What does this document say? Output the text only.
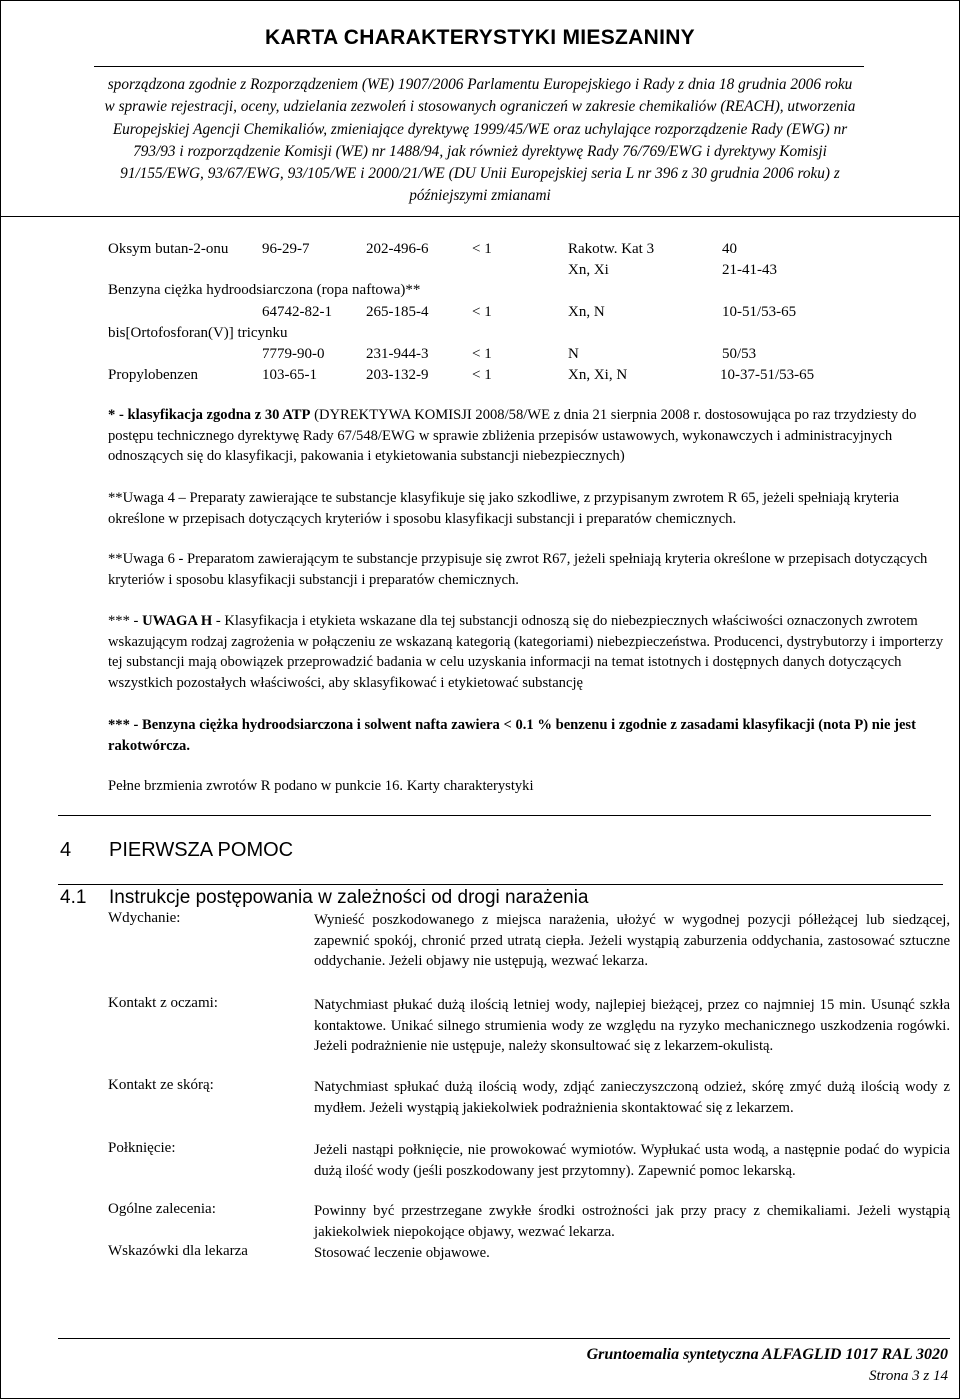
KARTA CHARAKTERYSTYKI MIESZANINY
sporządzona zgodnie z Rozporządzeniem (WE) 1907/2006 Parlamentu Europejskiego i Rady z dnia 18 grudnia 2006 roku
w sprawie rejestracji, oceny, udzielania zezwoleń i stosowanych ograniczeń w zakresie chemikaliów (REACH), utworzenia
Europejskiej Agencji Chemikaliów, zmieniające dyrektywę 1999/45/WE oraz uchylające rozporządzenie Rady (EWG) nr
793/93 i rozporządzenie Komisji (WE) nr 1488/94, jak również dyrektywę Rady 76/769/EWG i dyrektywy Komisji
91/155/EWG, 93/67/EWG, 93/105/WE i 2000/21/WE (DU Unii Europejskiej seria L nr 396 z 30 grudnia 2006 roku) z
późniejszymi zmianami
Oksym butan-2-onu 96-29-7	202-496-6	< 1	Rakotw. Kat 3	40
Xn, Xi	21-41-43
Benzyna ciężka hydroodsiarczona (ropa naftowa)**
64742-82-1 265-185-4	< 1	Xn, N	10-51/53-65
bis[Ortofosforan(V)] tricynku
7779-90-0	231-944-3	< 1	N	50/53
Propylobenzen	103-65-1	203-132-9	< 1	Xn, Xi, N	10-37-51/53-65
* - klasyfikacja zgodna z 30 ATP (DYREKTYWA KOMISJI 2008/58/WE z dnia 21 sierpnia 2008 r. dostosowująca po raz trzydziesty do postępu technicznego dyrektywę Rady 67/548/EWG w sprawie zbliżenia przepisów ustawowych, wykonawczych i administracyjnych odnoszących się do klasyfikacji, pakowania i etykietowania substancji niebezpiecznych)
**Uwaga 4 – Preparaty zawierające te substancje klasyfikuje się jako szkodliwe, z przypisanym zwrotem R 65, jeżeli spełniają kryteria określone w przepisach dotyczących kryteriów i sposobu klasyfikacji substancji i preparatów chemicznych.
**Uwaga 6 - Preparatom zawierającym te substancje przypisuje się zwrot R67, jeżeli spełniają kryteria określone w przepisach dotyczących kryteriów i sposobu klasyfikacji substancji i preparatów chemicznych.
*** - UWAGA H - Klasyfikacja i etykieta wskazane dla tej substancji odnoszą się do niebezpiecznych właściwości oznaczonych zwrotem wskazującym rodzaj zagrożenia w połączeniu ze wskazaną kategorią (kategoriami) niebezpieczeństwa. Producenci, dystrybutorzy i importerzy tej substancji mają obowiązek przeprowadzić badania w celu uzyskania informacji na temat istotnych i dostępnych danych dotyczących wszystkich pozostałych właściwości, aby sklasyfikować i etykietować substancję
*** - Benzyna ciężka hydroodsiarczona i solwent nafta zawiera < 0.1 % benzenu i zgodnie z zasadami klasyfikacji (nota P) nie jest rakotwórcza.
Pełne brzmienia zwrotów R podano w punkcie 16. Karty charakterystyki
4 PIERWSZA POMOC
4.1 Instrukcje postępowania w zależności od drogi narażenia
Wdychanie:	Wynieść poszkodowanego z miejsca narażenia, ułożyć w wygodnej pozycji półleżącej lub siedzącej, zapewnić spokój, chronić przed utratą ciepła. Jeżeli wystąpią zaburzenia oddychania, zastosować sztuczne oddychanie. Jeżeli objawy nie ustępują, wezwać lekarza.
Kontakt z oczami:	Natychmiast płukać dużą ilością letniej wody, najlepiej bieżącej, przez co najmniej 15 min. Usunąć szkła kontaktowe. Unikać silnego strumienia wody ze względu na ryzyko mechanicznego uszkodzenia rogówki. Jeżeli podrażnienie nie ustępuje, należy skonsultować się z lekarzem-okulistą.
Kontakt ze skórą:	Natychmiast spłukać dużą ilością wody, zdjąć zanieczyszczoną odzież, skórę zmyć dużą ilością wody z mydłem. Jeżeli wystąpią jakiekolwiek podrażnienia skontaktować się z lekarzem.
Połknięcie:	Jeżeli nastąpi połknięcie, nie prowokować wymiotów. Wypłukać usta wodą, a następnie podać do wypicia dużą ilość wody (jeśli poszkodowany jest przytomny). Zapewnić pomoc lekarską.
Ogólne zalecenia:	Powinny być przestrzegane zwykłe środki ostrożności jak przy pracy z chemikaliami. Jeżeli wystąpią jakiekolwiek niepokojące objawy, wezwać lekarza.
Wskazówki dla lekarza	Stosować leczenie objawowe.
Gruntoemalia syntetyczna ALFAGLID 1017 RAL 3020
Strona 3 z 14
